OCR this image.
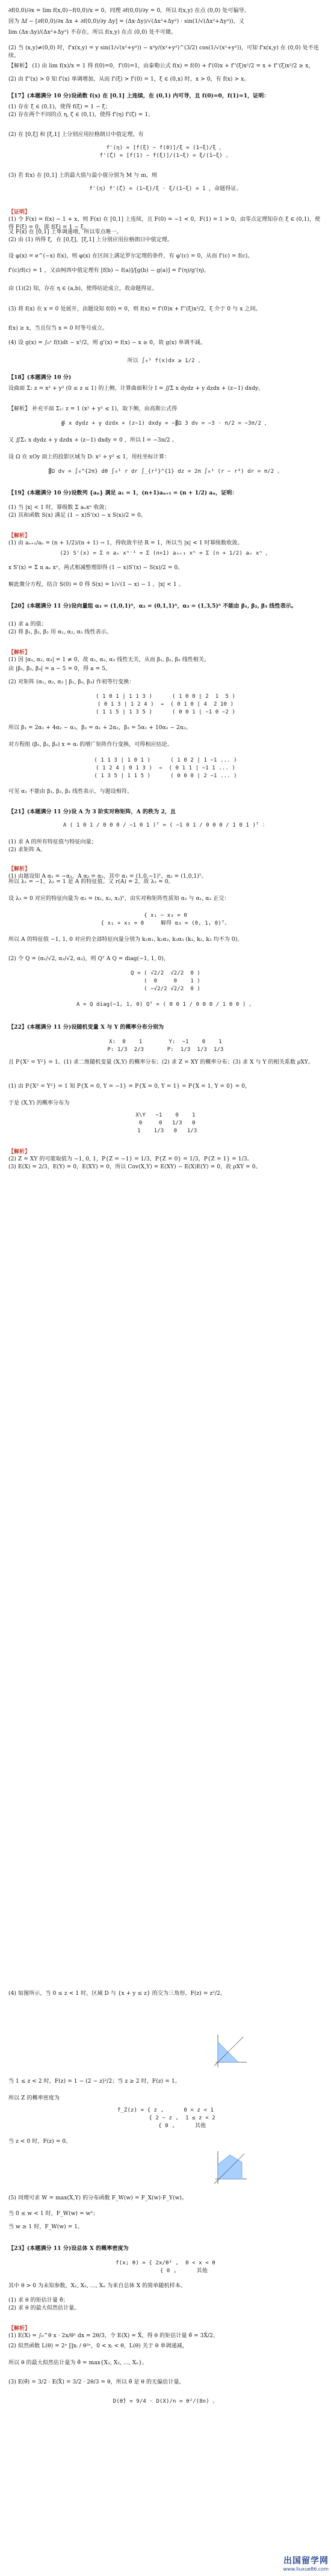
∂f(0,0)/∂x = lim f(x,0)−f(0,0)/x = 0，同理 ∂f(0,0)/∂y = 0，所以 f(x,y) 在点 (0,0) 处可偏导。
因为 Δf − [∂f(0,0)/∂x Δx + ∂f(0,0)/∂y Δy] = (Δx·Δy)/√(Δx²+Δy²) · sin(1/√(Δx²+Δy²))，又
lim (Δx·Δy)/(Δx²+Δy²) 不存在，所以 f(x,y) 在点 (0,0) 处不可微。
(2) 当 (x,y)≠(0,0) 时，f'x(x,y) = y sin(1/√(x²+y²)) − x²y/(x²+y²)^(3/2) cos(1/√(x²+y²))，可知 f'x(x,y) 在 (0,0) 处不连续。
【解析】 (1) 由 lim f(x)/x = 1 得 f(0)=0，f'(0)=1，由泰勒公式 f(x) = f(0) + f'(0)x + f''(ξ)x²/2 = x + f''(ξ)x²/2 ≥ x，
(2) 由 f''(x) > 0 知 f'(x) 单调增加，从而 f'(ξ) > f'(0) = 1，ξ ∈ (0,x) 时，x > 0，有 f(x) > x。
【17】(本题满分 10 分)设函数 f(x) 在 [0,1] 上连续，在 (0,1) 内可导，且 f(0)=0，f(1)=1，证明：
(1) 存在 ξ ∈ (0,1)，使得 f(ξ) = 1 − ξ；
(2) 存在两个不同的点 η, ζ ∈ (0,1)，使得 f'(η) f'(ζ) = 1。
(2) 在 [0,ξ] 和 [ξ,1] 上分别应用拉格朗日中值定理，有
f'(η) = [f(ξ) − f(0)]/ξ = (1−ξ)/ξ ，
f'(ζ) = [f(1) − f(ξ)]/(1−ξ) = ξ/(1−ξ) 。
(3) 若 f(x) 在 [0,1] 上的最大值与最小值分别为 M 与 m，则
f'(η) f'(ζ) = (1−ξ)/ξ · ξ/(1−ξ) = 1 ，命题得证。
【证明】
(1) 令 F(x) = f(x) − 1 + x，则 F(x) 在 [0,1] 上连续，且 F(0) = −1 < 0，F(1) = 1 > 0，由零点定理知存在 ξ ∈ (0,1)，使得 F(ξ) = 0，即 f(ξ) = 1 − ξ。
又 F(x) 在 [0,1] 上单调递增，所以零点唯一。
(2) 由 (1) 所得 ξ，在 [0,ξ]，[ξ,1] 上分别应用拉格朗日中值定理。
设 φ(x) = e^(−x) f(x)，则 φ(x) 在区间上满足罗尔定理的条件，有 φ'(c) = 0，从而 f'(c) = f(c)。
f'(c)/f(c) = 1 ，又由柯西中值定理有 [f(b) − f(a)]/[g(b) − g(a)] = f'(η)/g'(η)。
由 (1)(2) 知，存在 η ∈ (a,b)，使得结论成立，故命题得证。
(3) 将 f(x) 在 x = 0 处展开，由题设知 f(0) = 0，则 f(x) = f'(0)x + f''(ξ)x²/2，ξ 介于 0 与 x 之间。
f(x) ≥ x，当且仅当 x = 0 时等号成立。
(4) 设 g(x) = ∫₀ˣ f(t)dt − x²/2，则 g'(x) = f(x) − x ≥ 0，故 g(x) 单调不减。
所以 ∫₀¹ f(x)dx ≥ 1/2 。
【18】(本题满分 10 分)
设曲面 Σ: z = x² + y² (0 ≤ z ≤ 1) 的上侧，计算曲面积分 I = ∬Σ x dydz + y dzdx + (z−1) dxdy。
【解析】 补充平面 Σ₁: z = 1 (x² + y² ≤ 1)，取下侧，由高斯公式得
∯ x dydz + y dzdx + (z−1) dxdy = −∭Ω 3 dv = −3 · π/2 = −3π/2 ，
又 ∬Σ₁ x dydz + y dzdx + (z−1) dxdy = 0 ，所以 I = −3π/2 。
设 Ω 在 xOy 面上的投影区域为 D: x² + y² ≤ 1，用柱坐标计算：
∭Ω dv = ∫₀^{2π} dθ ∫₀¹ r dr ∫_{r²}^{1} dz = 2π ∫₀¹ (r − r³) dr = π/2 。
【19】(本题满分 10 分)设数列 {aₙ} 满足 a₁ = 1，(n+1)aₙ₊₁ = (n + 1/2) aₙ，证明：
(1) 当 |x| < 1 时，幂级数 Σ aₙxⁿ 收敛；
(2) 其和函数 S(x) 满足 (1 − x)S'(x) − x S(x)/2 = 0。
【解析】
(1) 由 aₙ₊₁/aₙ = (n + 1/2)/(n + 1) → 1，得收敛半径 R = 1，所以当 |x| < 1 时幂级数收敛。
(2) S'(x) = Σ n aₙ xⁿ⁻¹ = Σ (n+1) aₙ₊₁ xⁿ = Σ (n + 1/2) aₙ xⁿ ，
x S'(x) = Σ n aₙ xⁿ，两式相减整理即得 (1 − x)S'(x) − S(x)/2 = 0。
解此微分方程，结合 S(0) = 0 得 S(x) = 1/√(1 − x) − 1 ，|x| < 1 。
【20】(本题满分 11 分)设向量组 α₁ = (1,0,1)ᵀ，α₂ = (0,1,1)ᵀ，α₃ = (1,3,5)ᵀ 不能由 β₁, β₂, β₃ 线性表示。
(1) 求 a 的值；
(2) 将 β₁, β₂, β₃ 用 α₁, α₂, α₃ 线性表示。
【解析】
(1) 因 |α₁, α₂, α₃| = 1 ≠ 0，故 α₁, α₂, α₃ 线性无关，从而 β₁, β₂, β₃ 线性相关。
由 |β₁, β₂, β₃| = a − 5 = 0，得 a = 5。
(2) 对矩阵 (α₁, α₂, α₃ | β₁, β₂, β₃) 作初等行变换：
( 1 0 1 | 1 1 3 )      ( 1 0 0 | 2  1  5 )
( 0 1 3 | 1 2 4 )  →  ( 0 1 0 | 4  2 10 )
( 1 1 5 | 1 3 5 )      ( 0 0 1 | −1 0 −2 )
所以 β₁ = 2α₁ + 4α₂ − α₃，β₂ = α₁ + 2α₂，β₃ = 5α₁ + 10α₂ − 2α₃。
对方程组 (β₁, β₂, β₃) x = αᵢ 的增广矩阵作行变换，可得相应结论。
( 1 1 3 | 1 0 1 )      ( 1 0 2 | 1 −1 ... )
( 1 2 4 | 0 1 3 )  →  ( 0 1 1 | −1 1 ... )
( 1 3 5 | 1 1 5 )      ( 0 0 0 | 2 −1 ... )
可见 α₁ 不能由 β₁, β₂, β₃ 线性表示，与题设相符。
【21】(本题满分 11 分)设 A 为 3 阶实对称矩阵，A 的秩为 2，且
A ( 1 0 1 / 0 0 0 / −1 0 1 )ᵀ = ( −1 0 1 / 0 0 0 / 1 0 1 )ᵀ ：
(1) 求 A 的所有特征值与特征向量；
(2) 求矩阵 A。
【解析】
(1) 由题设知 A α₁ = −α₁，A α₂ = α₂，其中 α₁ = (1,0,−1)ᵀ，α₂ = (1,0,1)ᵀ。
所以 λ₁ = −1，λ₂ = 1 是 A 的特征值。又 r(A) = 2，故 λ₃ = 0。
设 λ₃ = 0 对应的特征向量为 α₃ = (x₁, x₂, x₃)ᵀ，由实对称矩阵性质知 α₃ 与 α₁, α₂ 正交：
{ x₁ − x₃ = 0
{ x₁ + x₃ = 0     解得 α₃ = (0, 1, 0)ᵀ。
所以 A 的特征值 −1, 1, 0 对应的全部特征向量分别为 k₁α₁, k₂α₂, k₃α₃ (k₁, k₂, k₃ 均不为 0)。
(2) 令 Q = (α₁/√2, α₂/√2, α₃)，则 Qᵀ A Q = diag(−1, 1, 0)，
Q = ( √2/2  √2/2  0 )
(  0     0    1 )
( −√2/2 √2/2  0 )
A = Q diag(−1, 1, 0) Qᵀ = ( 0 0 1 / 0 0 0 / 1 0 0 ) 。
【22】(本题满分 11 分)设随机变量 X 与 Y 的概率分布分别为
X:  0    1        Y:  −1    0    1
P: 1/3  2/3       P:  1/3  1/3  1/3
且 P{X² = Y²} = 1。(1) 求二维随机变量 (X,Y) 的概率分布；(2) 求 Z = XY 的概率分布；(3) 求 X 与 Y 的相关系数 ρXY。
(1) 由 P{X² = Y²} = 1 知 P{X = 0, Y = −1} = P{X = 0, Y = 1} = P{X = 1, Y = 0} = 0，
于是 (X,Y) 的概率分布为
X\Y   −1    0    1
0     0   1/3   0
1    1/3   0   1/3
【解析】
(2) Z = XY 的可能取值为 −1, 0, 1，P{Z = −1} = 1/3，P{Z = 0} = 1/3，P{Z = 1} = 1/3。
(3) E(X) = 2/3，E(Y) = 0，E(XY) = 0，所以 Cov(X,Y) = E(XY) − E(X)E(Y) = 0，故 ρXY = 0。
(4) 如图所示，当 0 ≤ z < 1 时，区域 D 与 {x + y ≤ z} 的交为三角形，F(z) = z²/2。
当 1 ≤ z < 2 时，F(z) = 1 − (2 − z)²/2；当 z ≥ 2 时，F(z) = 1。
所以 Z 的概率密度为
f_Z(z) = { z ,      0 < z < 1
{ 2 − z ,  1 ≤ z < 2
{ 0 ,      其他
当 z < 0 时，F(z) = 0。
(5) 同理可求 W = max(X,Y) 的分布函数 F_W(w) = F_X(w)·F_Y(w)。
当 0 ≤ w < 1 时，F_W(w) = w²；
当 w ≥ 1 时，F_W(w) = 1。
【23】(本题满分 11 分)设总体 X 的概率密度为
f(x; θ) = { 2x/θ² ,  0 < x < θ
{ 0 ,      其他
其中 θ > 0 为未知参数，X₁, X₂, ..., Xₙ 为来自总体 X 的简单随机样本。
(1) 求 θ 的矩估计量 θ̂；
(2) 求 θ 的最大似然估计量。
【解析】
(1) E(X) = ∫₀^θ x · 2x/θ² dx = 2θ/3，令 E(X) = X̄，得 θ 的矩估计量 θ̂ = 3X̄/2。
(2) 似然函数 L(θ) = 2ⁿ ∏xᵢ / θ²ⁿ，0 < xᵢ < θ，L(θ) 关于 θ 单调递减，
所以 θ 的最大似然估计量为 θ̂ = max{X₁, X₂, ..., Xₙ}。
(3) E(θ̂) = 3/2 · E(X̄) = 3/2 · 2θ/3 = θ，所以 θ̂ 是 θ 的无偏估计量。
D(θ̂) = 9/4 · D(X)/n = θ²/(8n) 。
出国留学网
www.liuxue86.com
